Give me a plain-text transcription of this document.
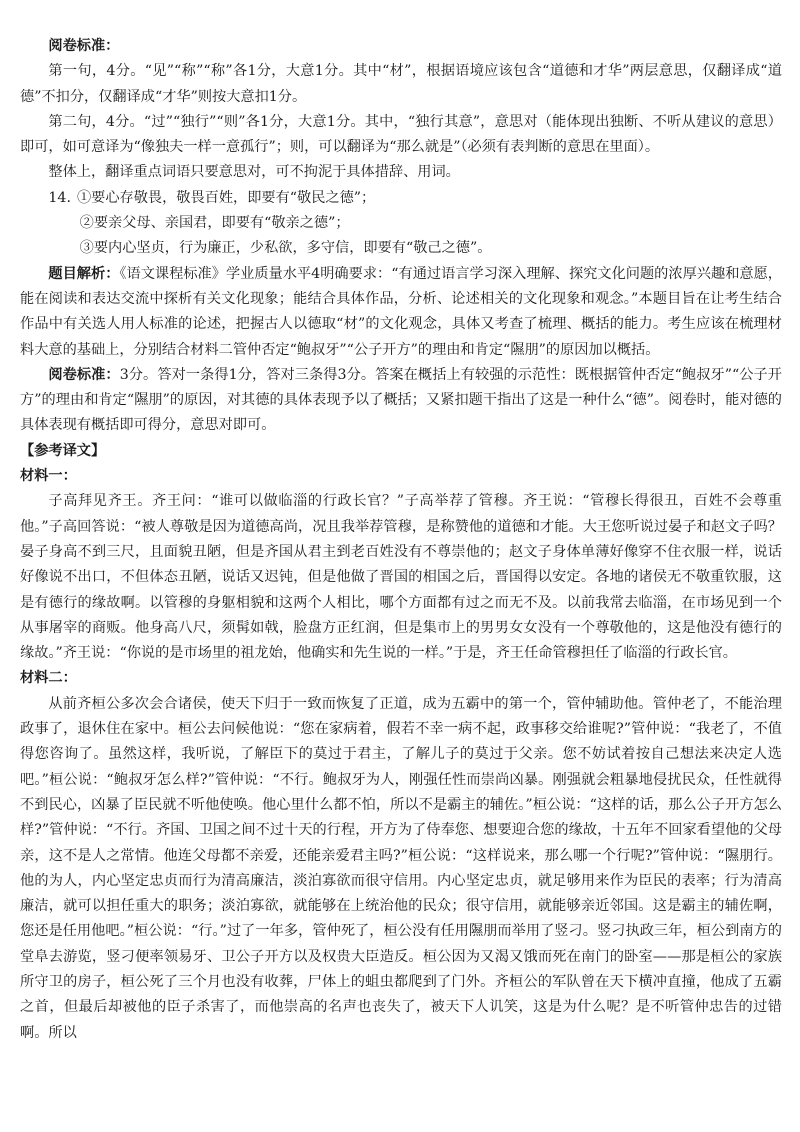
阅卷标准：

第一句，4分。“见”“称”“称”各1分，大意1分。其中“材”，根据语境应该包含“道德和才华”两层意思，仅翻译成“道德”不扣分，仅翻译成“才华”则按大意扣1分。

第二句，4分。“过”“独行”“则”各1分，大意1分。其中，“独行其意”，意思对（能体现出独断、不听从建议的意思）即可，如可意译为“像独夫一样一意孤行”；则，可以翻译为“那么就是”（必须有表判断的意思在里面）。

整体上，翻译重点词语只要意思对，可不拘泥于具体措辞、用词。

14. ①要心存敬畏，敬畏百姓，即要有“敬民之德”；

②要亲父母、亲国君，即要有“敬亲之德”；

③要内心坚贞，行为廉正，少私欲，多守信，即要有“敬己之德”。

题目解析：《语文课程标准》学业质量水平4明确要求：“有通过语言学习深入理解、探究文化问题的浓厚兴趣和意愿，能在阅读和表达交流中探析有关文化现象；能结合具体作品，分析、论述相关的文化现象和观念。”本题目旨在让考生结合作品中有关选人用人标准的论述，把握古人以德取“材”的文化观念，具体又考查了梳理、概括的能力。考生应该在梳理材料大意的基础上，分别结合材料二管仲否定“鲍叔牙”“公子开方”的理由和肯定“隰朋”的原因加以概括。

阅卷标准：3分。答对一条得1分，答对三条得3分。答案在概括上有较强的示范性：既根据管仲否定“鲍叔牙”“公子开方”的理由和肯定“隰朋”的原因，对其德的具体表现予以了概括；又紧扣题干指出了这是一种什么“德”。阅卷时，能对德的具体表现有概括即可得分，意思对即可。

【参考译文】

材料一：

子高拜见齐王。齐王问：“谁可以做临淄的行政长官？”子高举荐了管穆。齐王说：“管穆长得很丑，百姓不会尊重他。”子高回答说：“被人尊敬是因为道德高尚，况且我举荐管穆，是称赞他的道德和才能。大王您听说过晏子和赵文子吗？晏子身高不到三尺，且面貌丑陋，但是齐国从君主到老百姓没有不尊崇他的；赵文子身体单薄好像穿不住衣服一样，说话好像说不出口，不但体态丑陋，说话又迟钝，但是他做了晋国的相国之后，晋国得以安定。各地的诸侯无不敬重钦服，这是有德行的缘故啊。以管穆的身躯相貌和这两个人相比，哪个方面都有过之而无不及。以前我常去临淄，在市场见到一个从事屠宰的商贩。他身高八尺，须髯如戟，脸盘方正红润，但是集市上的男男女女没有一个尊敬他的，这是他没有德行的缘故。”齐王说：“你说的是市场里的祖龙始，他确实和先生说的一样。”于是，齐王任命管穆担任了临淄的行政长官。

材料二：

从前齐桓公多次会合诸侯，使天下归于一致而恢复了正道，成为五霸中的第一个，管仲辅助他。管仲老了，不能治理政事了，退休住在家中。桓公去问候他说：“您在家病着，假若不幸一病不起，政事移交给谁呢?”管仲说：“我老了，不值得您咨询了。虽然这样，我听说，了解臣下的莫过于君主，了解儿子的莫过于父亲。您不妨试着按自己想法来决定人选吧。”桓公说：“鲍叔牙怎么样?”管仲说：“不行。鲍叔牙为人，刚强任性而崇尚凶暴。刚强就会粗暴地侵扰民众，任性就得不到民心，凶暴了臣民就不听他使唤。他心里什么都不怕，所以不是霸主的辅佐。”桓公说：“这样的话，那么公子开方怎么样?”管仲说：“不行。齐国、卫国之间不过十天的行程，开方为了侍奉您、想要迎合您的缘故，十五年不回家看望他的父母亲，这不是人之常情。他连父母都不亲爱，还能亲爱君主吗?”桓公说：“这样说来，那么哪一个行呢?”管仲说：“隰朋行。他的为人，内心坚定忠贞而行为清高廉洁，淡泊寡欲而很守信用。内心坚定忠贞，就足够用来作为臣民的表率；行为清高廉洁，就可以担任重大的职务；淡泊寡欲，就能够在上统治他的民众；很守信用，就能够亲近邻国。这是霸主的辅佐啊，您还是任用他吧。”桓公说：“行。”过了一年多，管仲死了，桓公没有任用隰朋而举用了竖刁。竖刁执政三年，桓公到南方的堂阜去游览，竖刁便率领易牙、卫公子开方以及权贵大臣造反。桓公因为又渴又饿而死在南门的卧室——那是桓公的家族所守卫的房子，桓公死了三个月也没有收葬，尸体上的蛆虫都爬到了门外。齐桓公的军队曾在天下横冲直撞，他成了五霸之首，但最后却被他的臣子杀害了，而他崇高的名声也丧失了，被天下人讥笑，这是为什么呢？是不听管仲忠告的过错啊。所以
